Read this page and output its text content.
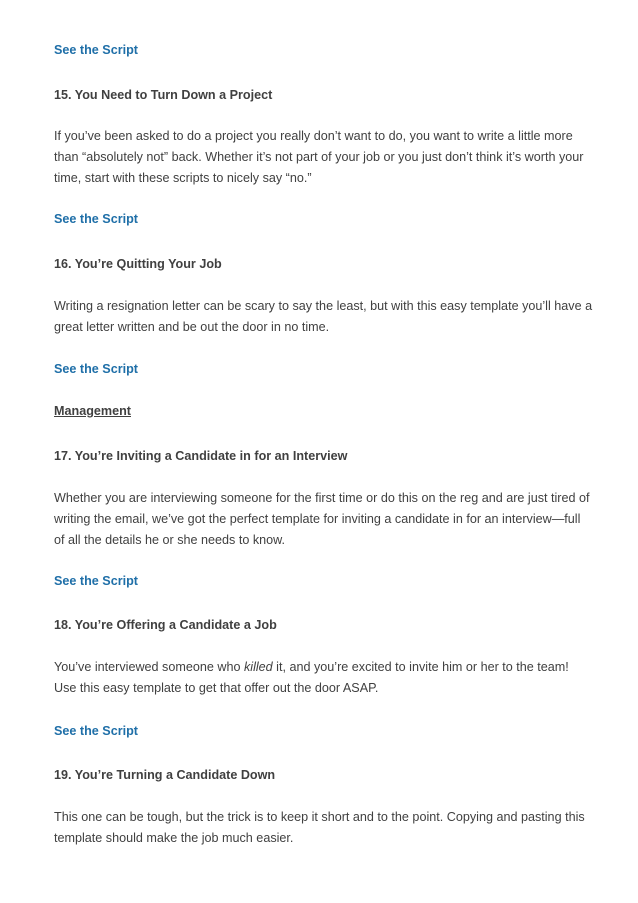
See the Script
15. You Need to Turn Down a Project
If you’ve been asked to do a project you really don’t want to do, you want to write a little more than “absolutely not” back. Whether it’s not part of your job or you just don’t think it’s worth your time, start with these scripts to nicely say “no.”
See the Script
16. You’re Quitting Your Job
Writing a resignation letter can be scary to say the least, but with this easy template you’ll have a great letter written and be out the door in no time.
See the Script
Management
17. You’re Inviting a Candidate in for an Interview
Whether you are interviewing someone for the first time or do this on the reg and are just tired of writing the email, we’ve got the perfect template for inviting a candidate in for an interview—full of all the details he or she needs to know.
See the Script
18. You’re Offering a Candidate a Job
You’ve interviewed someone who killed it, and you’re excited to invite him or her to the team! Use this easy template to get that offer out the door ASAP.
See the Script
19. You’re Turning a Candidate Down
This one can be tough, but the trick is to keep it short and to the point. Copying and pasting this template should make the job much easier.
